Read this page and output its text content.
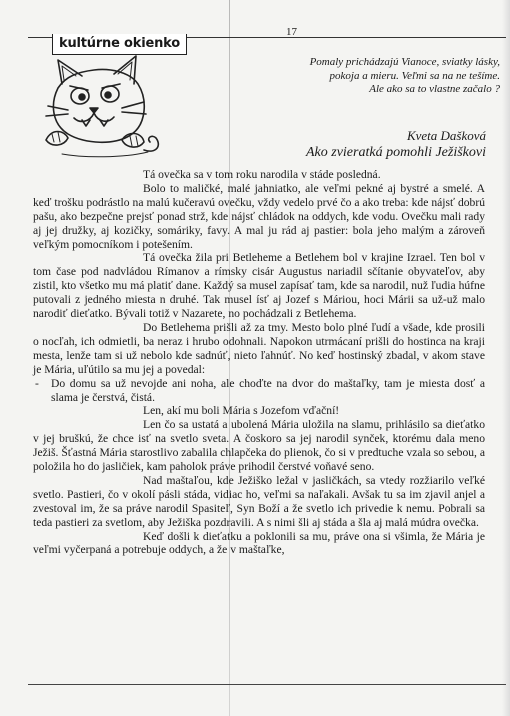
17
kultúrne okienko
Pomaly prichádzajú Vianoce, sviatky lásky,
pokoja a mieru. Veľmi sa na ne tešíme.
Ale ako sa to vlastne začalo ?
Kveta Dašková
Ako zvieratká pomohli Ježiškovi

Tá ovečka sa v tom roku narodila v stáde posledná.

Bolo to maličké, malé jahniatko, ale veľmi pekné aj bystré a smelé. A keď trošku podrástlo na malú kučeravú ovečku, vždy vedelo prvé čo a ako treba: kde nájsť dobrú pašu, ako bezpečne prejsť ponad strž, kde nájsť chládok na oddych, kde vodu. Ovečku mali rady aj jej družky, aj kozičky, somáriky, favy. A mal ju rád aj pastier: bola jeho malým a zároveň veľkým pomocníkom i potešením.

Tá ovečka žila pri Betleheme a Betlehem bol v krajine Izrael. Ten bol v tom čase pod nadvládou Rímanov a rímsky cisár Augustus nariadil sčítanie obyvateľov, aby zistil, kto všetko mu má platiť dane. Každý sa musel zapísať tam, kde sa narodil, nuž ľudia húfne putovali z jedného miesta n druhé. Tak musel ísť aj Jozef s Máriou, hoci Márii sa už-už malo narodiť dieťatko. Bývali totiž v Nazarete, no pochádzali z Betlehema.

Do Betlehema prišli až za tmy. Mesto bolo plné ľudí a všade, kde prosili o nocľah, ich odmietli, ba neraz i hrubo odohnali. Napokon utrmácaní prišli do hostinca na kraji mesta, lenže tam si už nebolo kde sadnúť, nieto ľahnúť. No keď hostinský zbadal, v akom stave je Mária, uľútilo sa mu jej a povedal:

- Do domu sa už nevojde ani noha, ale choďte na dvor do maštaľky, tam je miesta dosť a slama je čerstvá, čistá.

Len, akí mu boli Mária s Jozefom vďační!

Len čo sa ustatá a ubolená Mária uložila na slamu, prihlásilo sa dieťatko v jej bruškú, že chce isť na svetlo sveta. A čoskoro sa jej narodil synček, ktorému dala meno Ježiš. Šťastná Mária starostlivo zabalila chlapčeka do plienok, čo si v predtuche vzala so sebou, a položila ho do jasličiek, kam paholok práve prihodil čerstvé voňavé seno.

Nad maštaľou, kde Ježiško ležal v jasličkách, sa vtedy rozžiarilo veľké svetlo. Pastieri, čo v okolí pásli stáda, vidiac ho, veľmi sa naľakali. Avšak tu sa im zjavil anjel a zvestoval im, že sa práve narodil Spasiteľ, Syn Boží a že svetlo ich privedie k nemu. Pobrali sa teda pastieri za svetlom, aby Ježiška pozdravili. A s nimi šli aj stáda a šla aj malá múdra ovečka.

Keď došli k dieťatku a poklonili sa mu, práve ona si všimla, že Mária je veľmi vyčerpaná a potrebuje oddych, a že v maštaľke,
